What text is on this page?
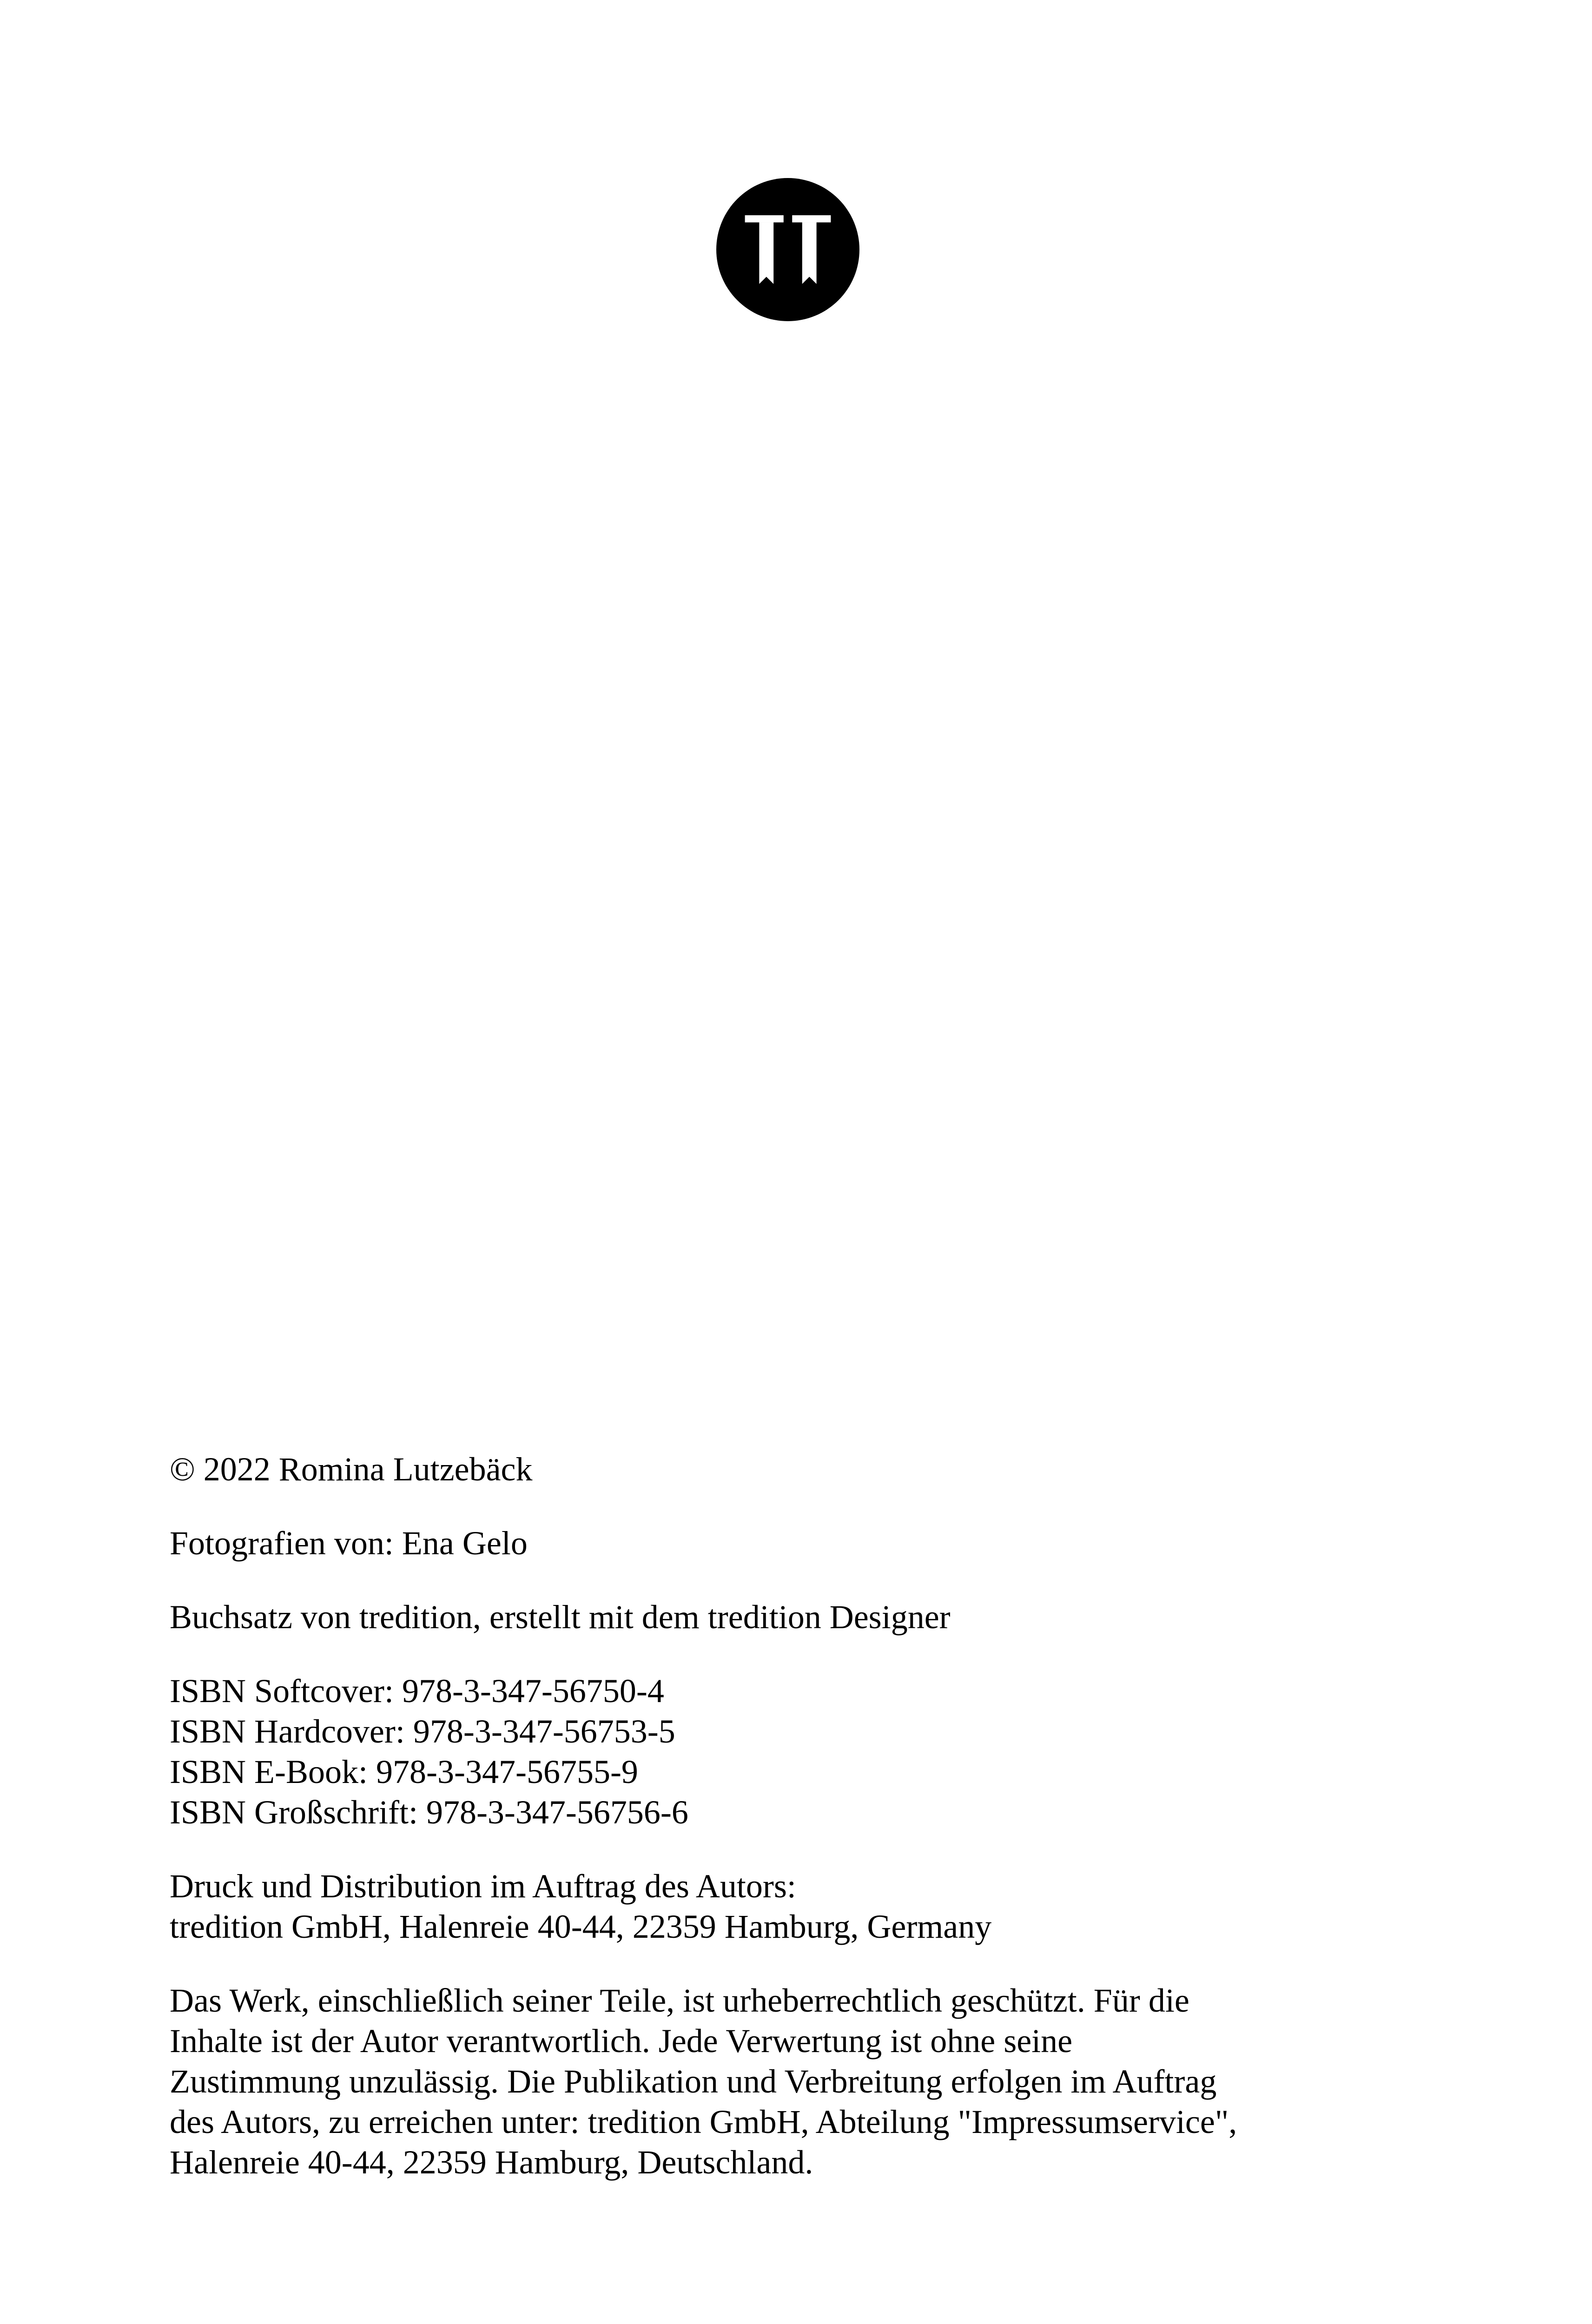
© 2022 Romina Lutzebäck
Fotografien von: Ena Gelo
Buchsatz von tredition, erstellt mit dem tredition Designer
ISBN Softcover: 978-3-347-56750-4
ISBN Hardcover: 978-3-347-56753-5
ISBN E-Book: 978-3-347-56755-9
ISBN Großschrift: 978-3-347-56756-6
Druck und Distribution im Auftrag des Autors:
tredition GmbH, Halenreie 40-44, 22359 Hamburg, Germany
Das Werk, einschließlich seiner Teile, ist urheberrechtlich geschützt. Für die
Inhalte ist der Autor verantwortlich. Jede Verwertung ist ohne seine
Zustimmung unzulässig. Die Publikation und Verbreitung erfolgen im Auftrag
des Autors, zu erreichen unter: tredition GmbH, Abteilung "Impressumservice",
Halenreie 40-44, 22359 Hamburg, Deutschland.
